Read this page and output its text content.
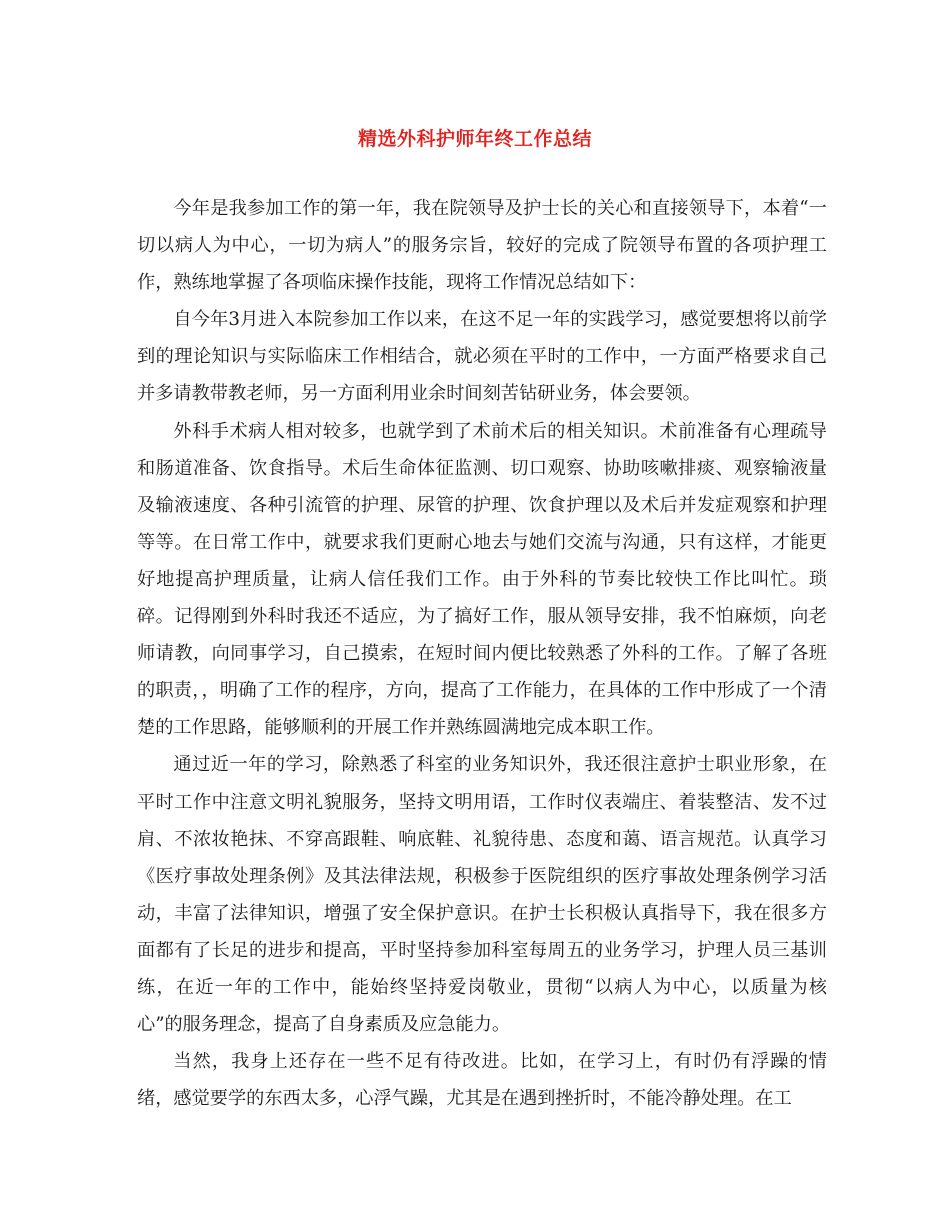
精选外科护师年终工作总结

今年是我参加工作的第一年，我在院领导及护士长的关心和直接领导下，本着“一切以病人为中心，一切为病人”的服务宗旨，较好的完成了院领导布置的各项护理工作，熟练地掌握了各项临床操作技能，现将工作情况总结如下：

自今年3月进入本院参加工作以来，在这不足一年的实践学习，感觉要想将以前学到的理论知识与实际临床工作相结合，就必须在平时的工作中，一方面严格要求自己并多请教带教老师，另一方面利用业余时间刻苦钻研业务，体会要领。

外科手术病人相对较多，也就学到了术前术后的相关知识。术前准备有心理疏导和肠道准备、饮食指导。术后生命体征监测、切口观察、协助咳嗽排痰、观察输液量及输液速度、各种引流管的护理、尿管的护理、饮食护理以及术后并发症观察和护理等等。在日常工作中，就要求我们更耐心地去与她们交流与沟通，只有这样，才能更好地提高护理质量，让病人信任我们工作。由于外科的节奏比较快工作比叫忙。琐碎。记得刚到外科时我还不适应，为了搞好工作，服从领导安排，我不怕麻烦，向老师请教，向同事学习，自己摸索，在短时间内便比较熟悉了外科的工作。了解了各班的职责，，明确了工作的程序，方向，提高了工作能力，在具体的工作中形成了一个清楚的工作思路，能够顺利的开展工作并熟练圆满地完成本职工作。

通过近一年的学习，除熟悉了科室的业务知识外，我还很注意护士职业形象，在平时工作中注意文明礼貌服务，坚持文明用语，工作时仪表端庄、着装整洁、发不过肩、不浓妆艳抹、不穿高跟鞋、响底鞋、礼貌待患、态度和蔼、语言规范。认真学习《医疗事故处理条例》及其法律法规，积极参于医院组织的医疗事故处理条例学习活动，丰富了法律知识，增强了安全保护意识。在护士长积极认真指导下，我在很多方面都有了长足的进步和提高，平时坚持参加科室每周五的业务学习，护理人员三基训练，在近一年的工作中，能始终坚持爱岗敬业，贯彻“以病人为中心，以质量为核心”的服务理念，提高了自身素质及应急能力。

当然，我身上还存在一些不足有待改进。比如，在学习上，有时仍有浮躁的情绪，感觉要学的东西太多，心浮气躁，尤其是在遇到挫折时，不能冷静处理。在工
